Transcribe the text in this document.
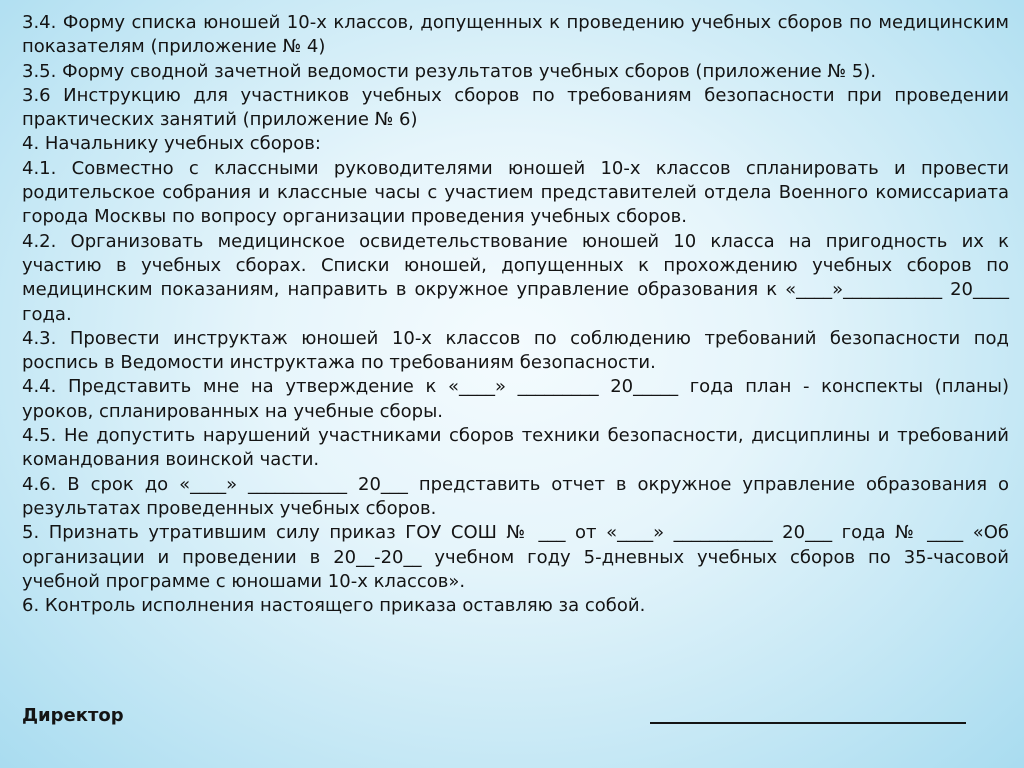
3.4. Форму списка юношей 10-х классов, допущенных к проведению учебных сборов по медицинским показателям (приложение № 4)

3.5. Форму сводной зачетной ведомости результатов учебных сборов (приложение № 5).

3.6 Инструкцию для участников учебных сборов по требованиям безопасности при проведении практических занятий (приложение № 6)

4. Начальнику учебных сборов:

4.1. Совместно с классными руководителями юношей 10-х классов спланировать и провести родительское собрания и классные часы с участием представителей отдела Военного комиссариата города Москвы по вопросу организации проведения учебных сборов.

4.2. Организовать медицинское освидетельствование юношей 10 класса на пригодность их к участию в учебных сборах. Списки юношей, допущенных к прохождению учебных сборов по медицинским показаниям, направить в окружное управление образования к «____»___________ 20____ года.

4.3. Провести инструктаж юношей 10-х классов по соблюдению требований безопасности под роспись в Ведомости инструктажа по требованиям безопасности.

4.4. Представить мне на утверждение к «____» _________ 20_____ года план - конспекты (планы) уроков, спланированных на учебные сборы.

4.5. Не допустить нарушений участниками сборов техники безопасности, дисциплины и требований командования воинской части.

4.6. В срок до «____» ___________ 20___ представить отчет в окружное управление образования о результатах проведенных учебных сборов.

5. Признать утратившим силу приказ ГОУ СОШ № ___ от «____» ___________ 20___ года № ____ «Об организации и проведении в 20__-20__ учебном году 5-дневных учебных сборов по 35-часовой учебной программе с юношами 10-х классов».

6. Контроль исполнения настоящего приказа оставляю за собой.

Директор
